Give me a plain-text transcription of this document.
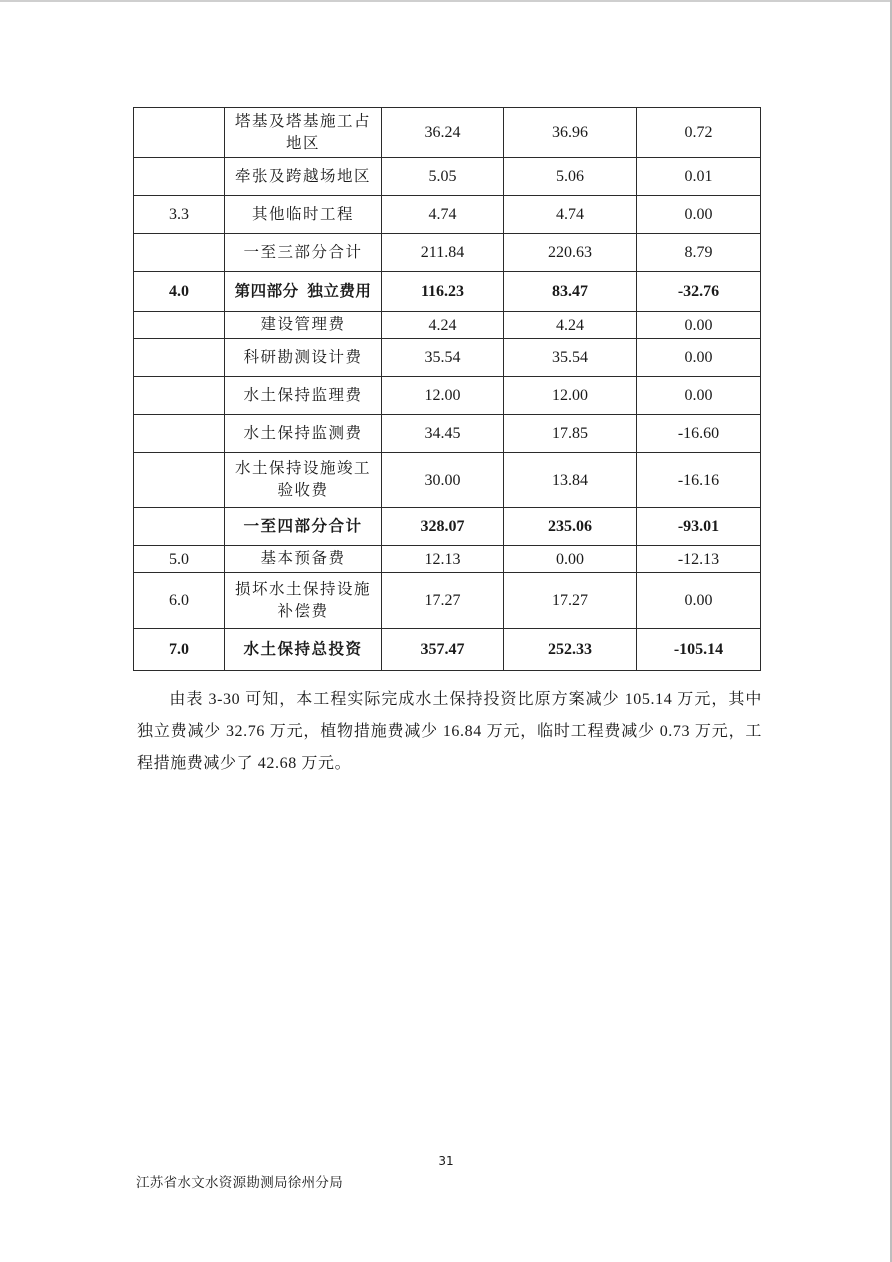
	塔基及塔基施工占地区	36.24	36.96	0.72
	牵张及跨越场地区	5.05	5.06	0.01
3.3	其他临时工程	4.74	4.74	0.00
	一至三部分合计	211.84	220.63	8.79
4.0	第四部分  独立费用	116.23	83.47	-32.76
	建设管理费	4.24	4.24	0.00
	科研勘测设计费	35.54	35.54	0.00
	水土保持监理费	12.00	12.00	0.00
	水土保持监测费	34.45	17.85	-16.60
	水土保持设施竣工验收费	30.00	13.84	-16.16
	一至四部分合计	328.07	235.06	-93.01
5.0	基本预备费	12.13	0.00	-12.13
6.0	损坏水土保持设施补偿费	17.27	17.27	0.00
7.0	水土保持总投资	357.47	252.33	-105.14
由表 3-30 可知，本工程实际完成水土保持投资比原方案减少 105.14 万元，其中独立费减少 32.76 万元，植物措施费减少 16.84 万元，临时工程费减少 0.73 万元，工程措施费减少了 42.68 万元。
31
江苏省水文水资源勘测局徐州分局
